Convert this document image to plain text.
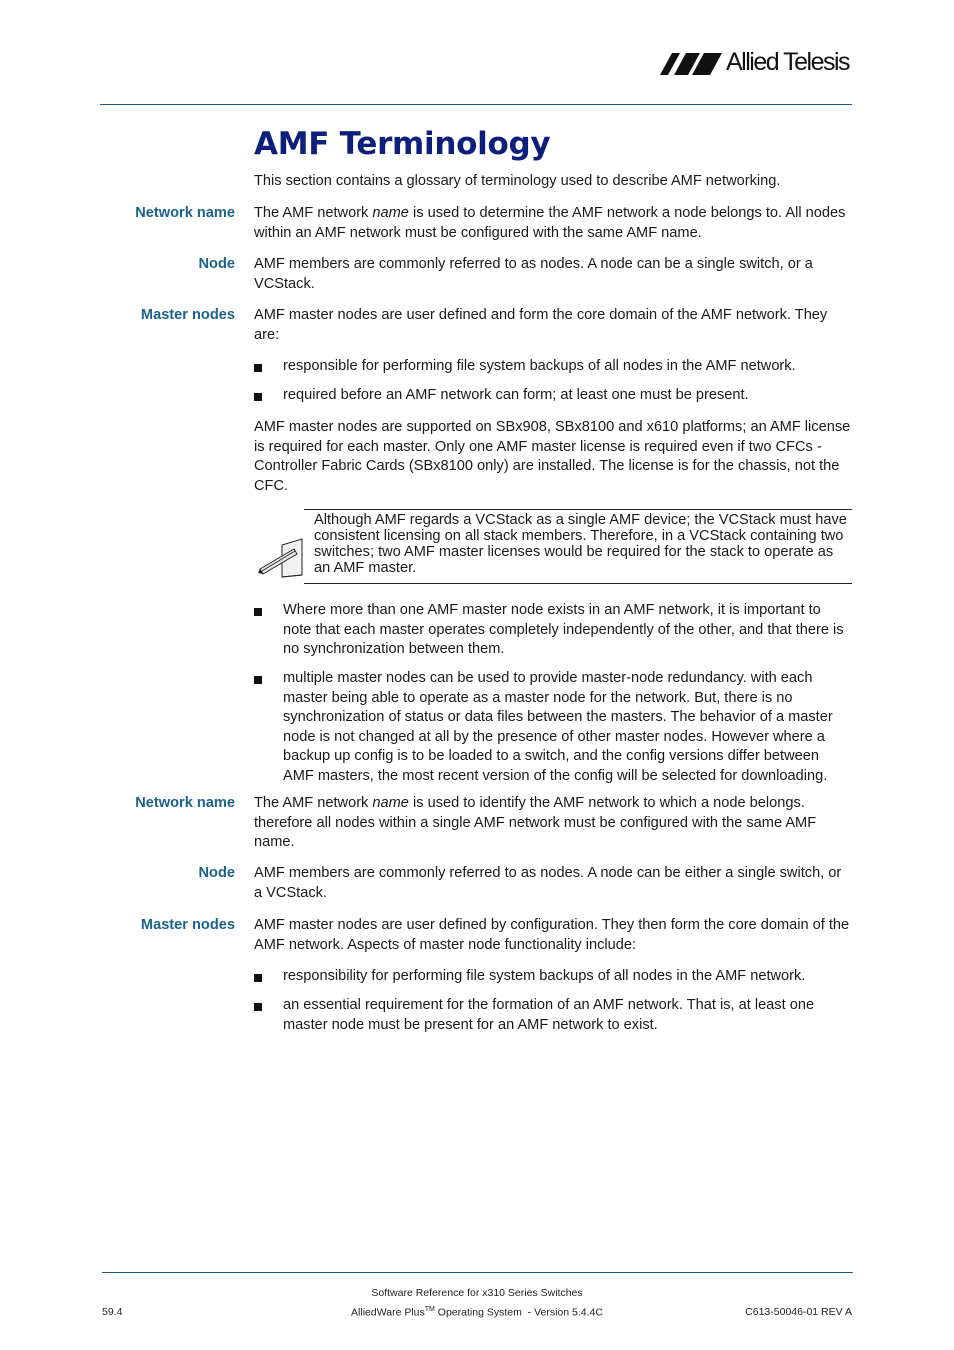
Allied Telesis
AMF Terminology
This section contains a glossary of terminology used to describe AMF networking.
Network name The AMF network name is used to determine the AMF network a node belongs to. All nodes within an AMF network must be configured with the same AMF name.
Node AMF members are commonly referred to as nodes. A node can be a single switch, or a VCStack.
Master nodes AMF master nodes are user defined and form the core domain of the AMF network. They are:
responsible for performing file system backups of all nodes in the AMF network.
required before an AMF network can form; at least one must be present.
AMF master nodes are supported on SBx908, SBx8100 and x610 platforms; an AMF license is required for each master. Only one AMF master license is required even if two CFCs - Controller Fabric Cards (SBx8100 only) are installed. The license is for the chassis, not the CFC.
Although AMF regards a VCStack as a single AMF device; the VCStack must have consistent licensing on all stack members. Therefore, in a VCStack containing two switches; two AMF master licenses would be required for the stack to operate as an AMF master.
Where more than one AMF master node exists in an AMF network, it is important to note that each master operates completely independently of the other, and that there is no synchronization between them.
multiple master nodes can be used to provide master-node redundancy. with each master being able to operate as a master node for the network. But, there is no synchronization of status or data files between the masters. The behavior of a master node is not changed at all by the presence of other master nodes. However where a backup up config is to be loaded to a switch, and the config versions differ between AMF masters, the most recent version of the config will be selected for downloading.
Network name The AMF network name is used to identify the AMF network to which a node belongs. therefore all nodes within a single AMF network must be configured with the same AMF name.
Node AMF members are commonly referred to as nodes. A node can be either a single switch, or a VCStack.
Master nodes AMF master nodes are user defined by configuration. They then form the core domain of the AMF network. Aspects of master node functionality include:
responsibility for performing file system backups of all nodes in the AMF network.
an essential requirement for the formation of an AMF network. That is, at least one master node must be present for an AMF network to exist.
Software Reference for x310 Series Switches
AlliedWare Plus™ Operating System  - Version 5.4.4C
59.4	C613-50046-01 REV A
